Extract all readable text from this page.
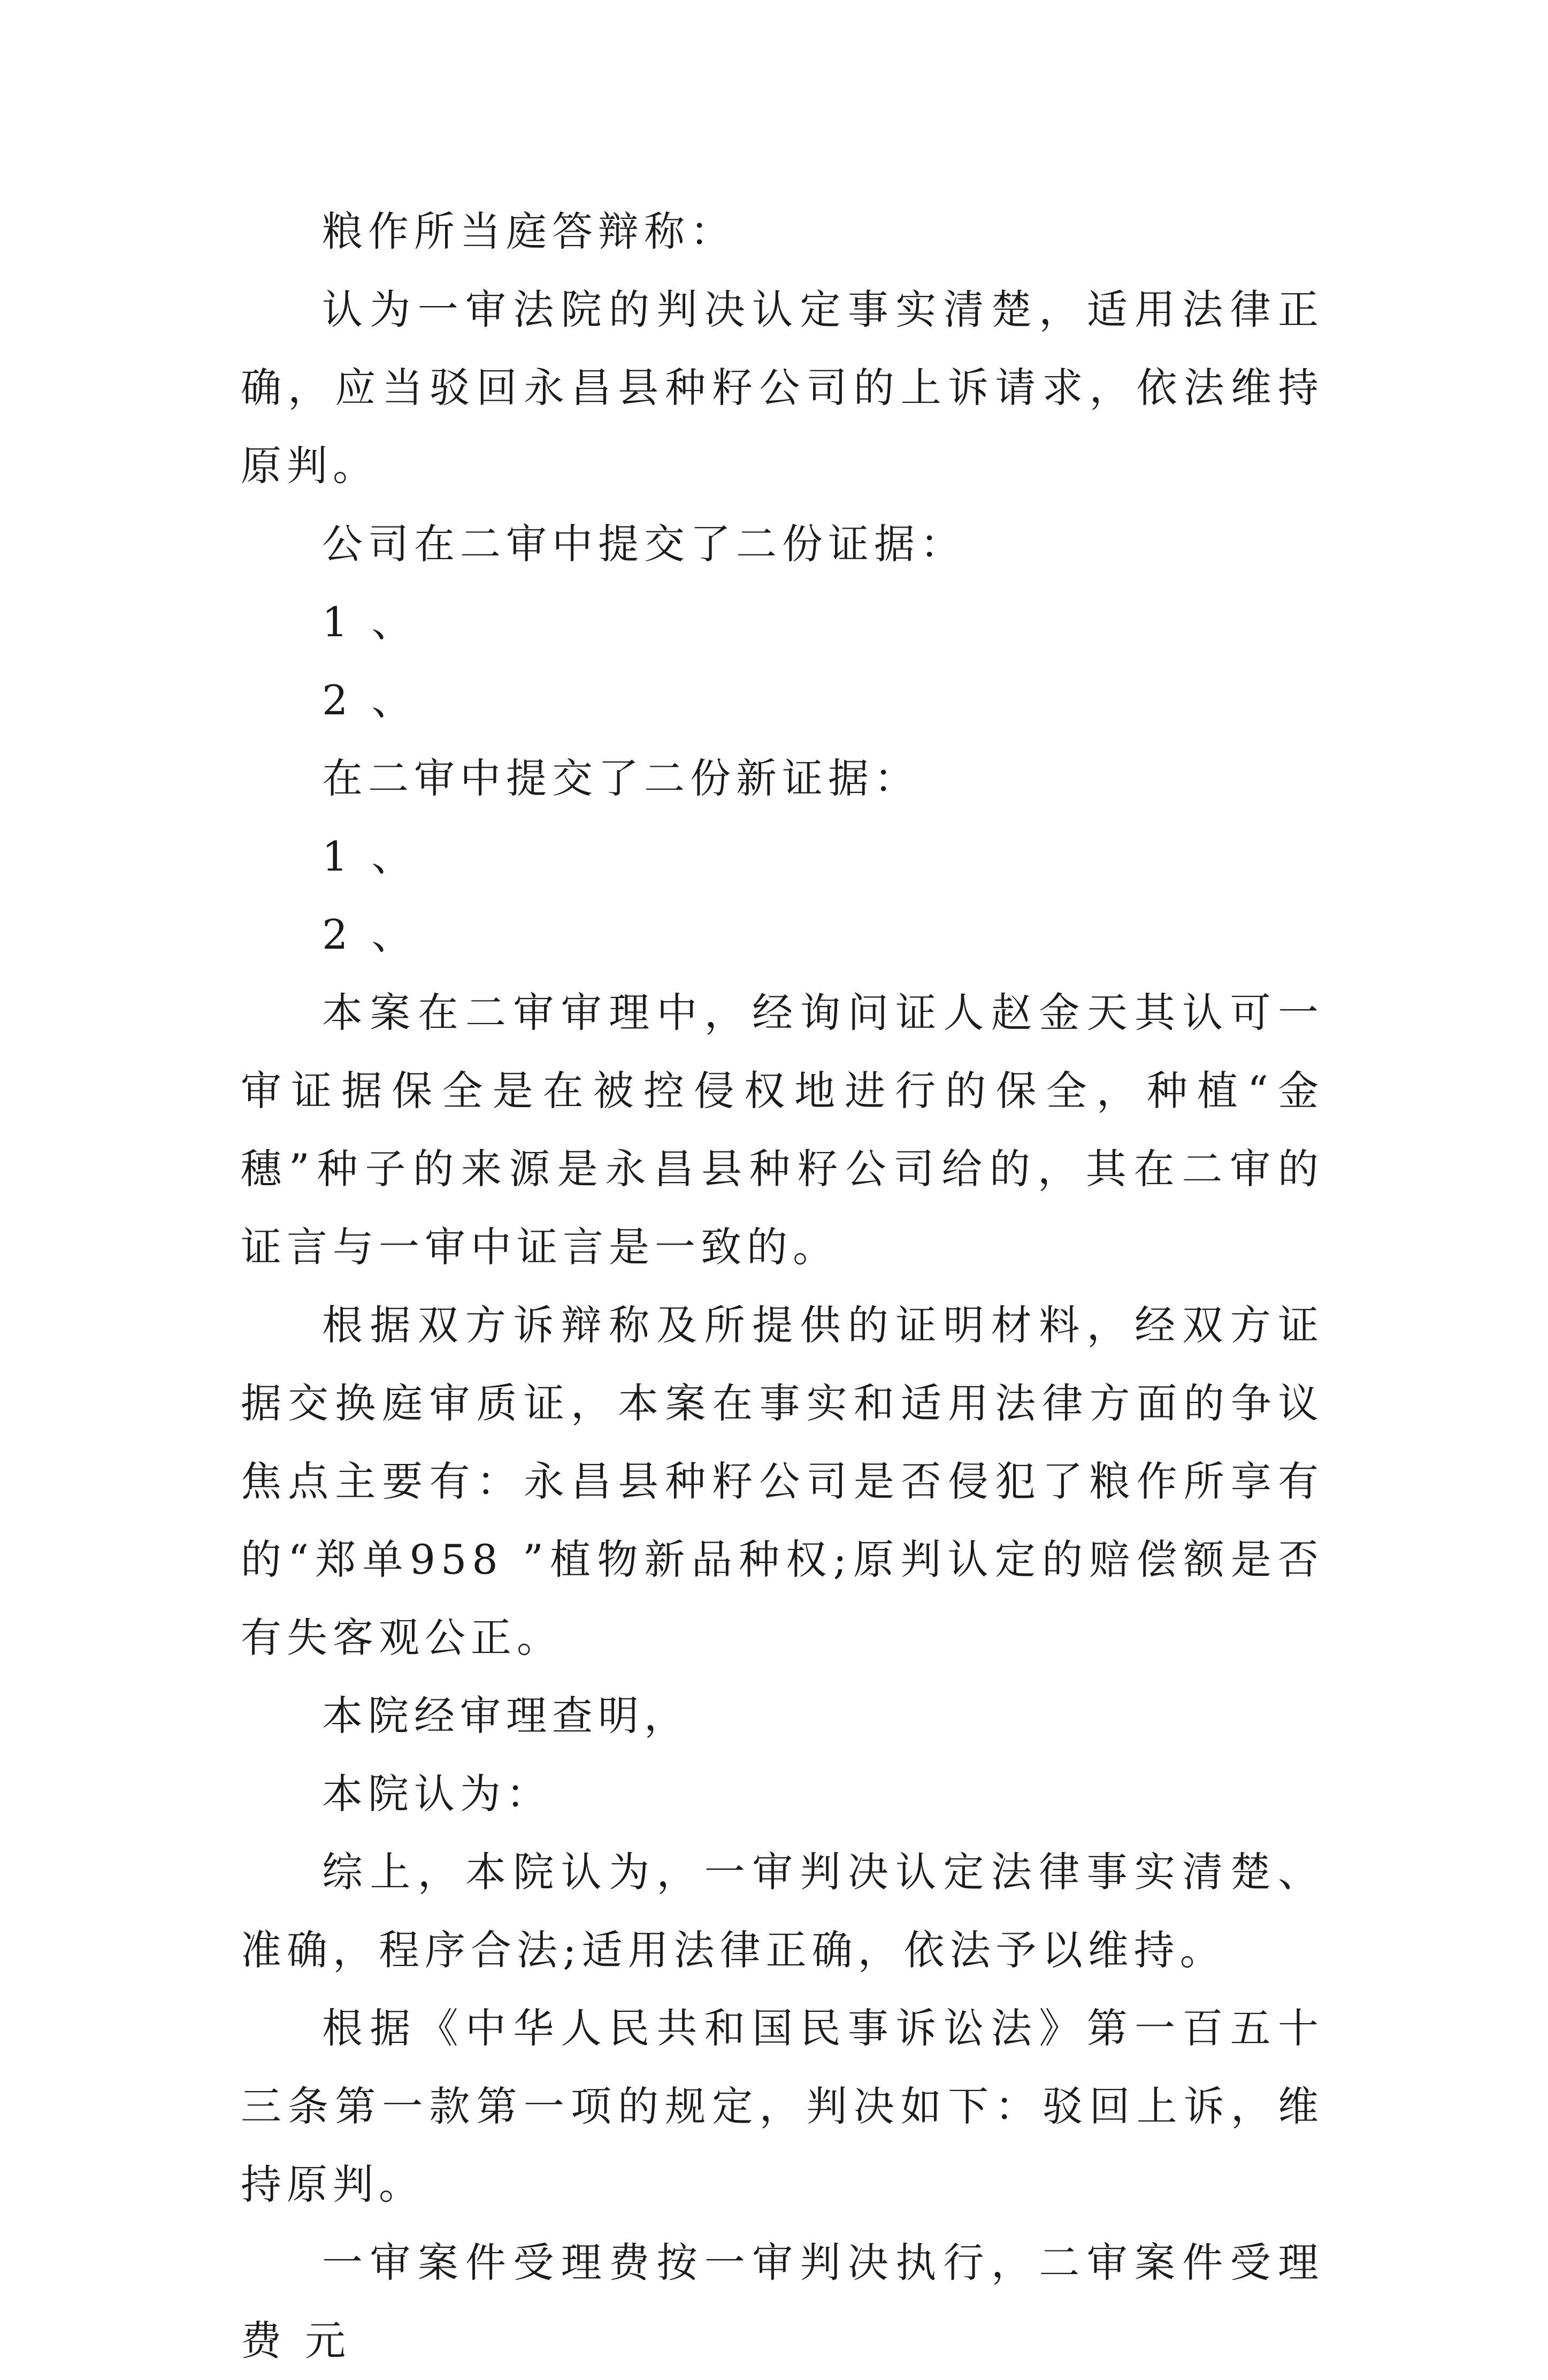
粮作所当庭答辩称：

认为一审法院的判决认定事实清楚，适用法律正确，应当驳回永昌县种籽公司的上诉请求，依法维持原判。

公司在二审中提交了二份证据：

1 、

2 、

在二审中提交了二份新证据：

1 、

2 、

本案在二审审理中，经询问证人赵金天其认可一审证据保全是在被控侵权地进行的保全，种植“金穗”种子的来源是永昌县种籽公司给的，其在二审的证言与一审中证言是一致的。

根据双方诉辩称及所提供的证明材料，经双方证据交换庭审质证，本案在事实和适用法律方面的争议焦点主要有：永昌县种籽公司是否侵犯了粮作所享有的“郑单958 ”植物新品种权;原判认定的赔偿额是否有失客观公正。

本院经审理查明，

本院认为：

综上，本院认为，一审判决认定法律事实清楚、准确，程序合法;适用法律正确，依法予以维持。

根据《中华人民共和国民事诉讼法》第一百五十三条第一款第一项的规定，判决如下：驳回上诉，维持原判。

一审案件受理费按一审判决执行，二审案件受理费 元
